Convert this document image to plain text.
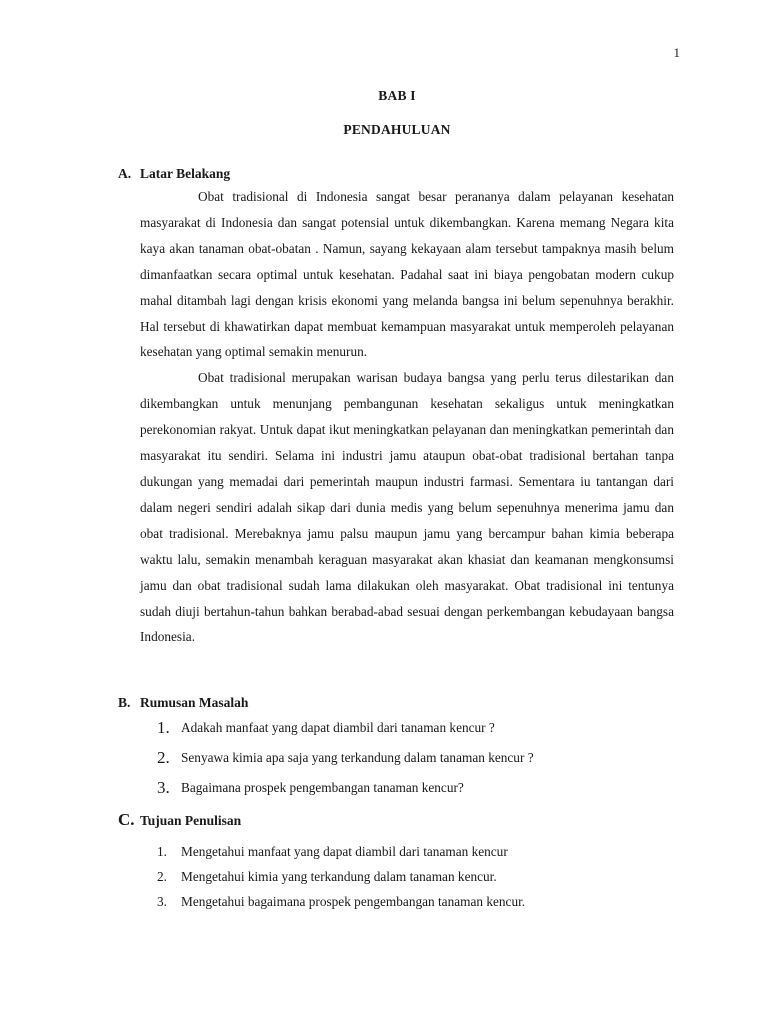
1
BAB I
PENDAHULUAN
A. Latar Belakang

Obat tradisional di Indonesia sangat besar perananya dalam pelayanan kesehatan masyarakat di Indonesia dan sangat potensial untuk dikembangkan. Karena memang Negara kita kaya akan tanaman obat-obatan . Namun, sayang kekayaan alam tersebut tampaknya masih belum dimanfaatkan secara optimal untuk kesehatan. Padahal saat ini biaya pengobatan modern cukup mahal ditambah lagi dengan krisis ekonomi yang melanda bangsa ini belum sepenuhnya berakhir. Hal tersebut di khawatirkan dapat membuat kemampuan masyarakat untuk memperoleh pelayanan kesehatan yang optimal semakin menurun.

Obat tradisional merupakan warisan budaya bangsa yang perlu terus dilestarikan dan dikembangkan untuk menunjang pembangunan kesehatan sekaligus untuk meningkatkan perekonomian rakyat. Untuk dapat ikut meningkatkan pelayanan dan meningkatkan pemerintah dan masyarakat itu sendiri. Selama ini industri jamu ataupun obat-obat tradisional bertahan tanpa dukungan yang memadai dari pemerintah maupun industri farmasi. Sementara iu tantangan dari dalam negeri sendiri adalah sikap dari dunia medis yang belum sepenuhnya menerima jamu dan obat tradisional. Merebaknya jamu palsu maupun jamu yang bercampur bahan kimia beberapa waktu lalu, semakin menambah keraguan masyarakat akan khasiat dan keamanan mengkonsumsi jamu dan obat tradisional sudah lama dilakukan oleh masyarakat. Obat tradisional ini tentunya sudah diuji bertahun-tahun bahkan berabad-abad sesuai dengan perkembangan kebudayaan bangsa Indonesia.

B. Rumusan Masalah
1. Adakah manfaat yang dapat diambil dari tanaman kencur ?
2. Senyawa kimia apa saja yang terkandung dalam tanaman kencur ?
3. Bagaimana prospek pengembangan tanaman kencur?
C. Tujuan Penulisan
1. Mengetahui manfaat yang dapat diambil dari tanaman kencur
2. Mengetahui kimia yang terkandung dalam tanaman kencur.
3. Mengetahui bagaimana prospek pengembangan tanaman kencur.
